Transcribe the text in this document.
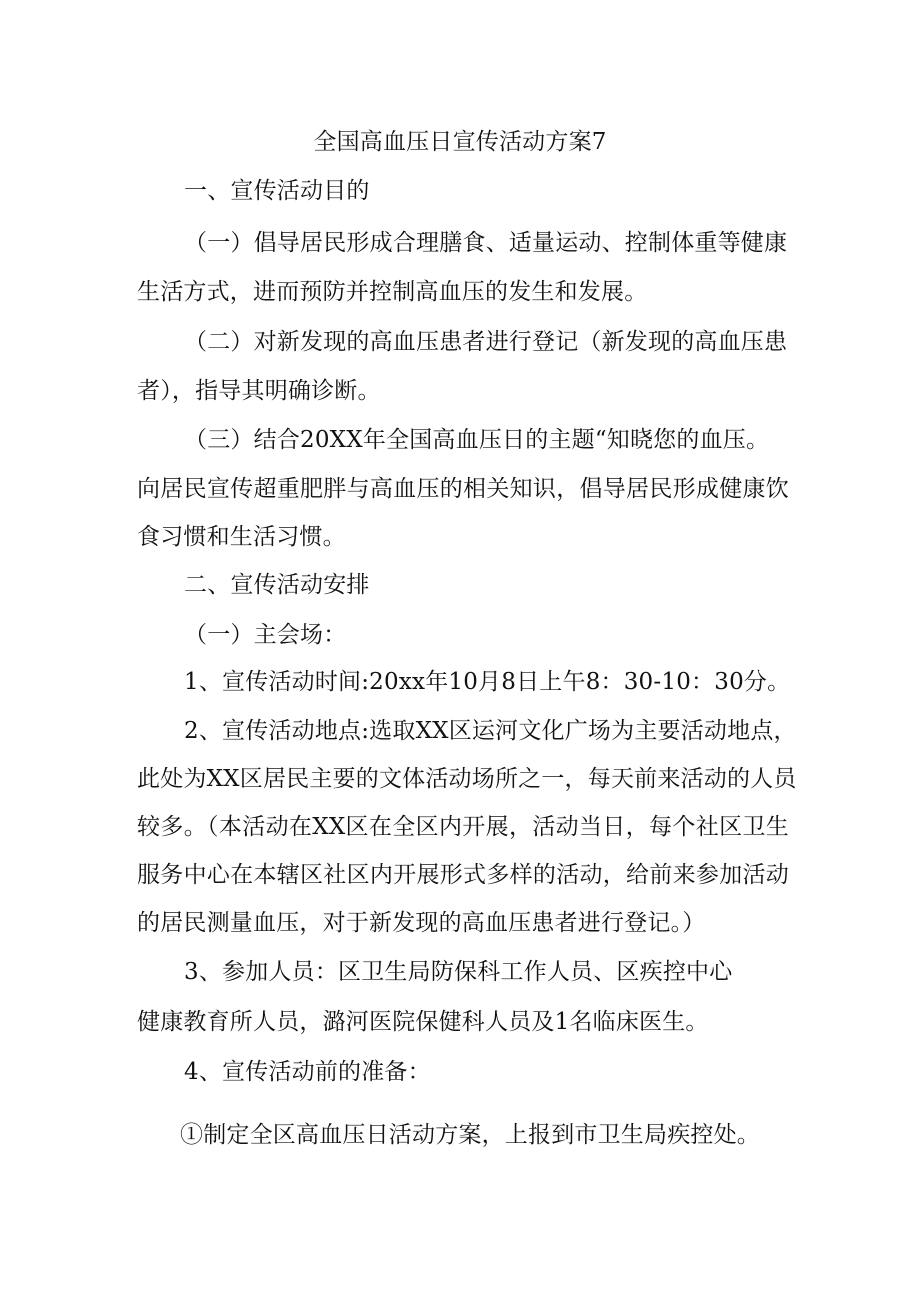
全国高血压日宣传活动方案7
一、宣传活动目的
（一）倡导居民形成合理膳食、适量运动、控制体重等健康
生活方式，进而预防并控制高血压的发生和发展。
（二）对新发现的高血压患者进行登记（新发现的高血压患
者），指导其明确诊断。
（三）结合20XX年全国高血压日的主题“知晓您的血压。
向居民宣传超重肥胖与高血压的相关知识，倡导居民形成健康饮
食习惯和生活习惯。
二、宣传活动安排
（一）主会场：
1、宣传活动时间:20xx年10月8日上午8：30-10：30分。
2、宣传活动地点:选取XX区运河文化广场为主要活动地点，
此处为XX区居民主要的文体活动场所之一，每天前来活动的人员
较多。（本活动在XX区在全区内开展，活动当日，每个社区卫生
服务中心在本辖区社区内开展形式多样的活动，给前来参加活动
的居民测量血压，对于新发现的高血压患者进行登记。）
3、参加人员：区卫生局防保科工作人员、区疾控中心
健康教育所人员，潞河医院保健科人员及1名临床医生。
4、宣传活动前的准备：
①制定全区高血压日活动方案，上报到市卫生局疾控处。
